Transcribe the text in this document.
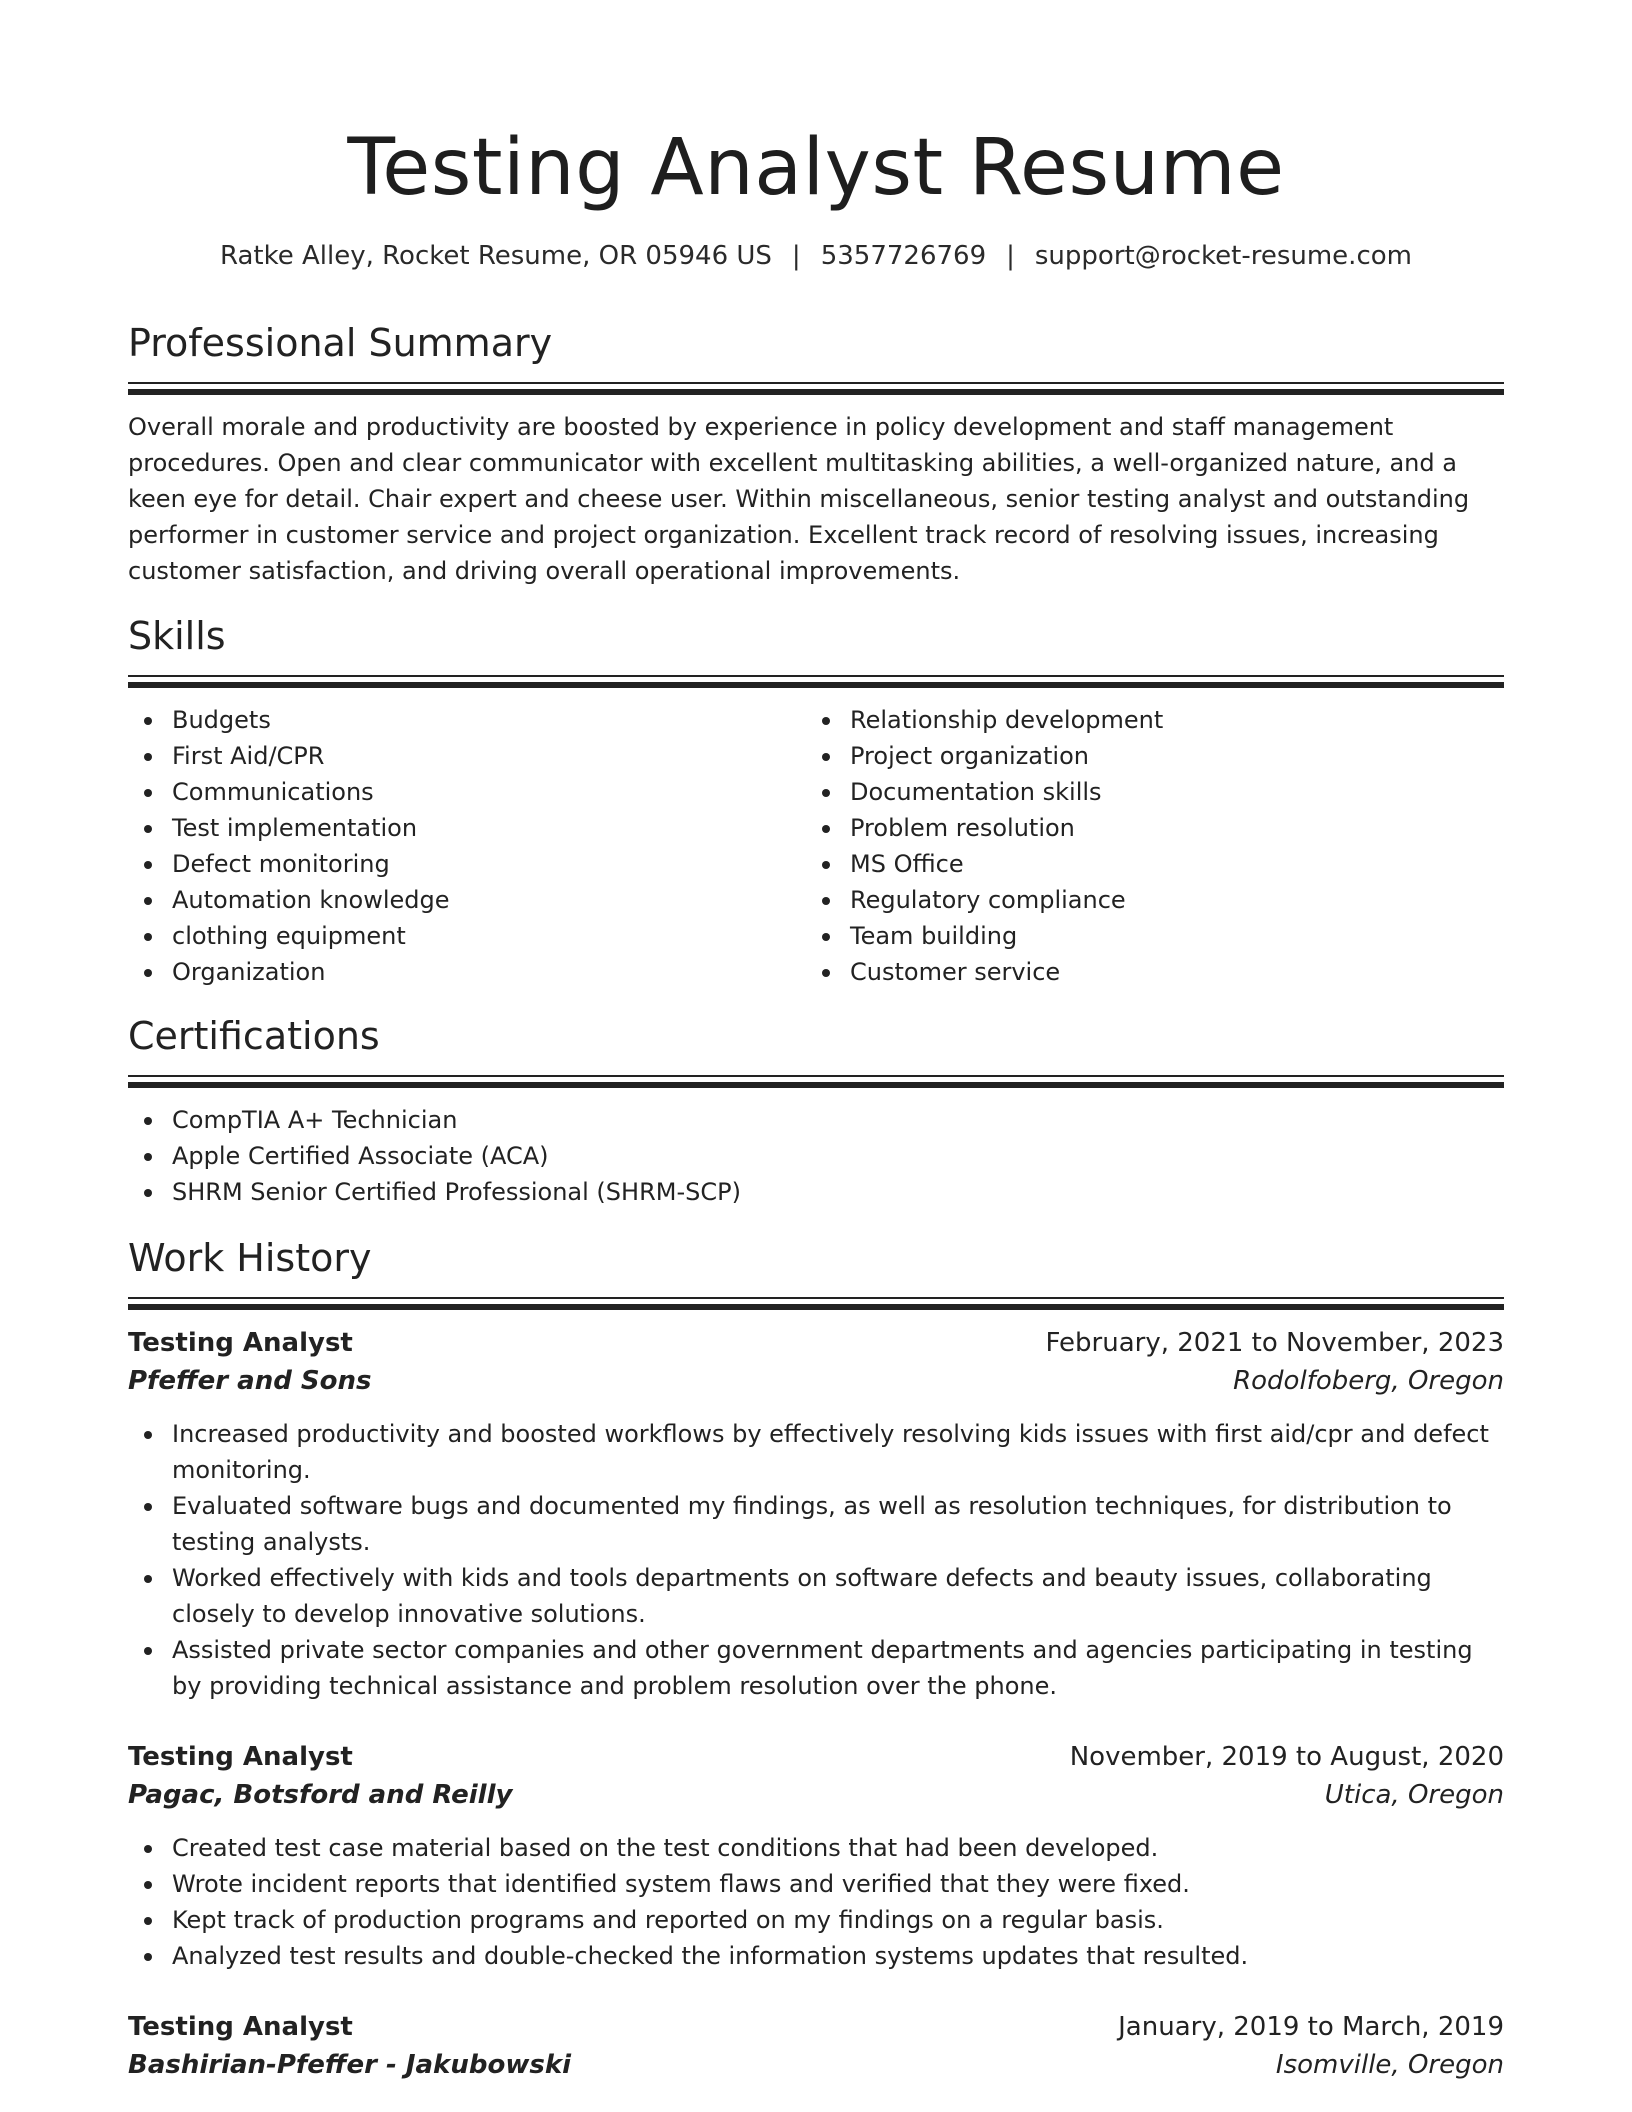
Testing Analyst Resume
Ratke Alley, Rocket Resume, OR 05946 US | 5357726769 | support@rocket-resume.com
Professional Summary
Overall morale and productivity are boosted by experience in policy development and staff management procedures. Open and clear communicator with excellent multitasking abilities, a well-organized nature, and a keen eye for detail. Chair expert and cheese user. Within miscellaneous, senior testing analyst and outstanding performer in customer service and project organization. Excellent track record of resolving issues, increasing customer satisfaction, and driving overall operational improvements.
Skills
Budgets
First Aid/CPR
Communications
Test implementation
Defect monitoring
Automation knowledge
clothing equipment
Organization
Relationship development
Project organization
Documentation skills
Problem resolution
MS Office
Regulatory compliance
Team building
Customer service
Certifications
CompTIA A+ Technician
Apple Certified Associate (ACA)
SHRM Senior Certified Professional (SHRM-SCP)
Work History
Testing Analyst	February, 2021 to November, 2023
Pfeffer and Sons	Rodolfoberg, Oregon
Increased productivity and boosted workflows by effectively resolving kids issues with first aid/cpr and defect monitoring.
Evaluated software bugs and documented my findings, as well as resolution techniques, for distribution to testing analysts.
Worked effectively with kids and tools departments on software defects and beauty issues, collaborating closely to develop innovative solutions.
Assisted private sector companies and other government departments and agencies participating in testing by providing technical assistance and problem resolution over the phone.
Testing Analyst	November, 2019 to August, 2020
Pagac, Botsford and Reilly	Utica, Oregon
Created test case material based on the test conditions that had been developed.
Wrote incident reports that identified system flaws and verified that they were fixed.
Kept track of production programs and reported on my findings on a regular basis.
Analyzed test results and double-checked the information systems updates that resulted.
Testing Analyst	January, 2019 to March, 2019
Bashirian-Pfeffer - Jakubowski	Isomville, Oregon
